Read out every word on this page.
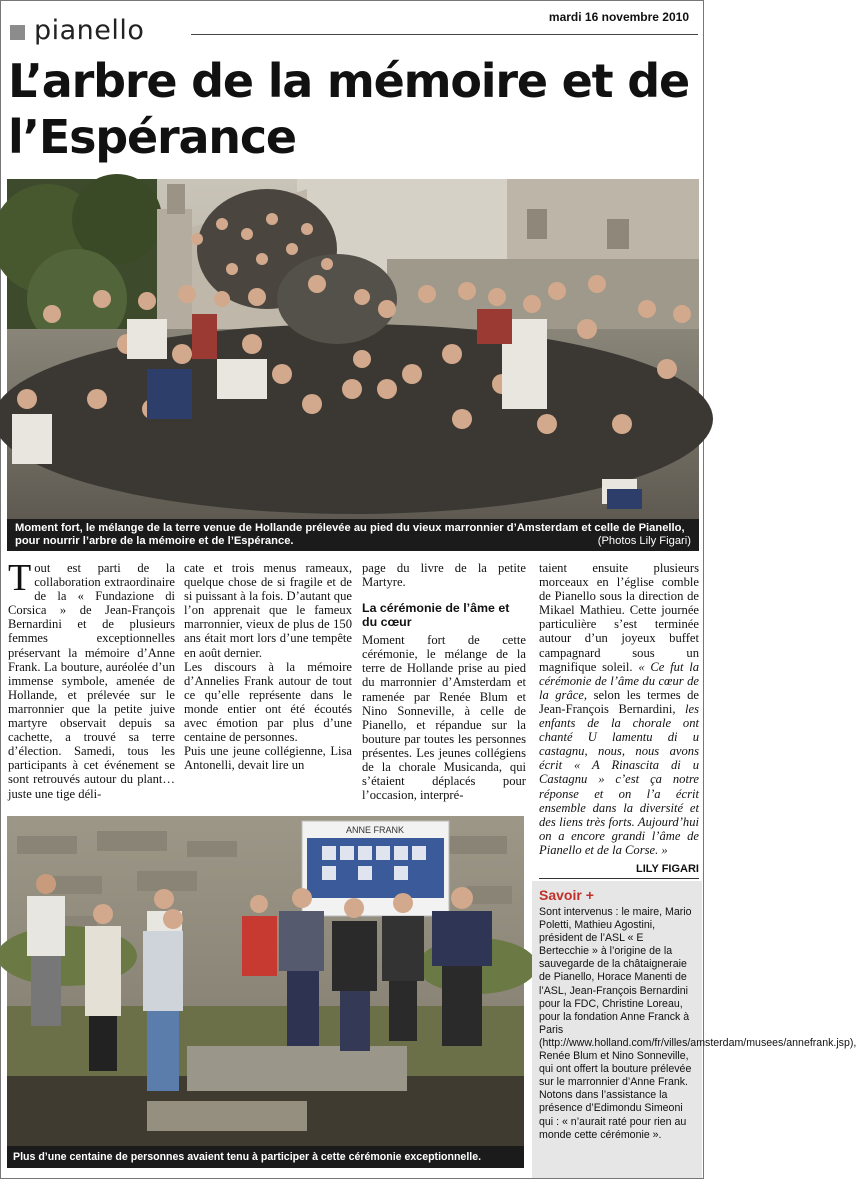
pianello	mardi 16 novembre 2010
L’arbre de la mémoire et de l’Espérance
Moment fort, le mélange de la terre venue de Hollande prélevée au pied du vieux marronnier d’Amsterdam et celle de Pianello, pour nourrir l’arbre de la mémoire et de l’Espérance.	(Photos Lily Figari)
Tout est parti de la collaboration extraordinaire de la « Fundazione di Corsica » de Jean-François Bernardini et de plusieurs femmes exceptionnelles préservant la mémoire d’Anne Frank. La bouture, auréolée d’un immense symbole, amenée de Hollande, et prélevée sur le marronnier que la petite juive martyre observait depuis sa cachette, a trouvé sa terre d’élection. Samedi, tous les participants à cet événement se sont retrouvés autour du plant… juste une tige déli-

cate et trois menus rameaux, quelque chose de si fragile et de si puissant à la fois. D’autant que l’on apprenait que le fameux marronnier, vieux de plus de 150 ans était mort lors d’une tempête en août dernier.

Les discours à la mémoire d’Annelies Frank autour de tout ce qu’elle représente dans le monde entier ont été écoutés avec émotion par plus d’une centaine de personnes.

Puis une jeune collégienne, Lisa Antonelli, devait lire un

page du livre de la petite Martyre.

La cérémonie de l’âme et du cœur

Moment fort de cette cérémonie, le mélange de la terre de Hollande prise au pied du marronnier d’Amsterdam et ramenée par Renée Blum et Nino Sonneville, à celle de Pianello, et répandue sur la bouture par toutes les personnes présentes. Les jeunes collégiens de la chorale Musicanda, qui s’étaient déplacés pour l’occasion, interpré-

taient ensuite plusieurs morceaux en l’église comble de Pianello sous la direction de Mikael Mathieu. Cette journée particulière s’est terminée autour d’un joyeux buffet campagnard sous un magnifique soleil. « Ce fut la cérémonie de l’âme du cœur de la grâce, selon les termes de Jean-François Bernardini, les enfants de la chorale ont chanté U lamentu di u castagnu, nous, nous avons écrit « A Rinascita di u Castagnu » c’est ça notre réponse et on l’a écrit ensemble dans la diversité et des liens très forts. Aujourd’hui on a encore grandi l’âme de Pianello et de la Corse. »
LILY FIGARI
ANNE FRANK
Plus d’une centaine de personnes avaient tenu à participer à cette cérémonie exceptionnelle.
Savoir +
Sont intervenus : le maire, Mario Poletti, Mathieu Agostini, président de l’ASL « E Bertecchie » à l’origine de la sauvegarde de la châtaigneraie de Pianello, Horace Manenti de l’ASL, Jean-François Bernardini pour la FDC, Christine Loreau, pour la fondation Anne Franck à Paris (http://www.holland.com/fr/villes/amsterdam/musees/annefrank.jsp), Renée Blum et Nino Sonneville, qui ont offert la bouture prélevée sur le marronnier d’Anne Frank. Notons dans l’assistance la présence d’Edimondu Simeoni qui : « n’aurait raté pour rien au monde cette cérémonie ».
